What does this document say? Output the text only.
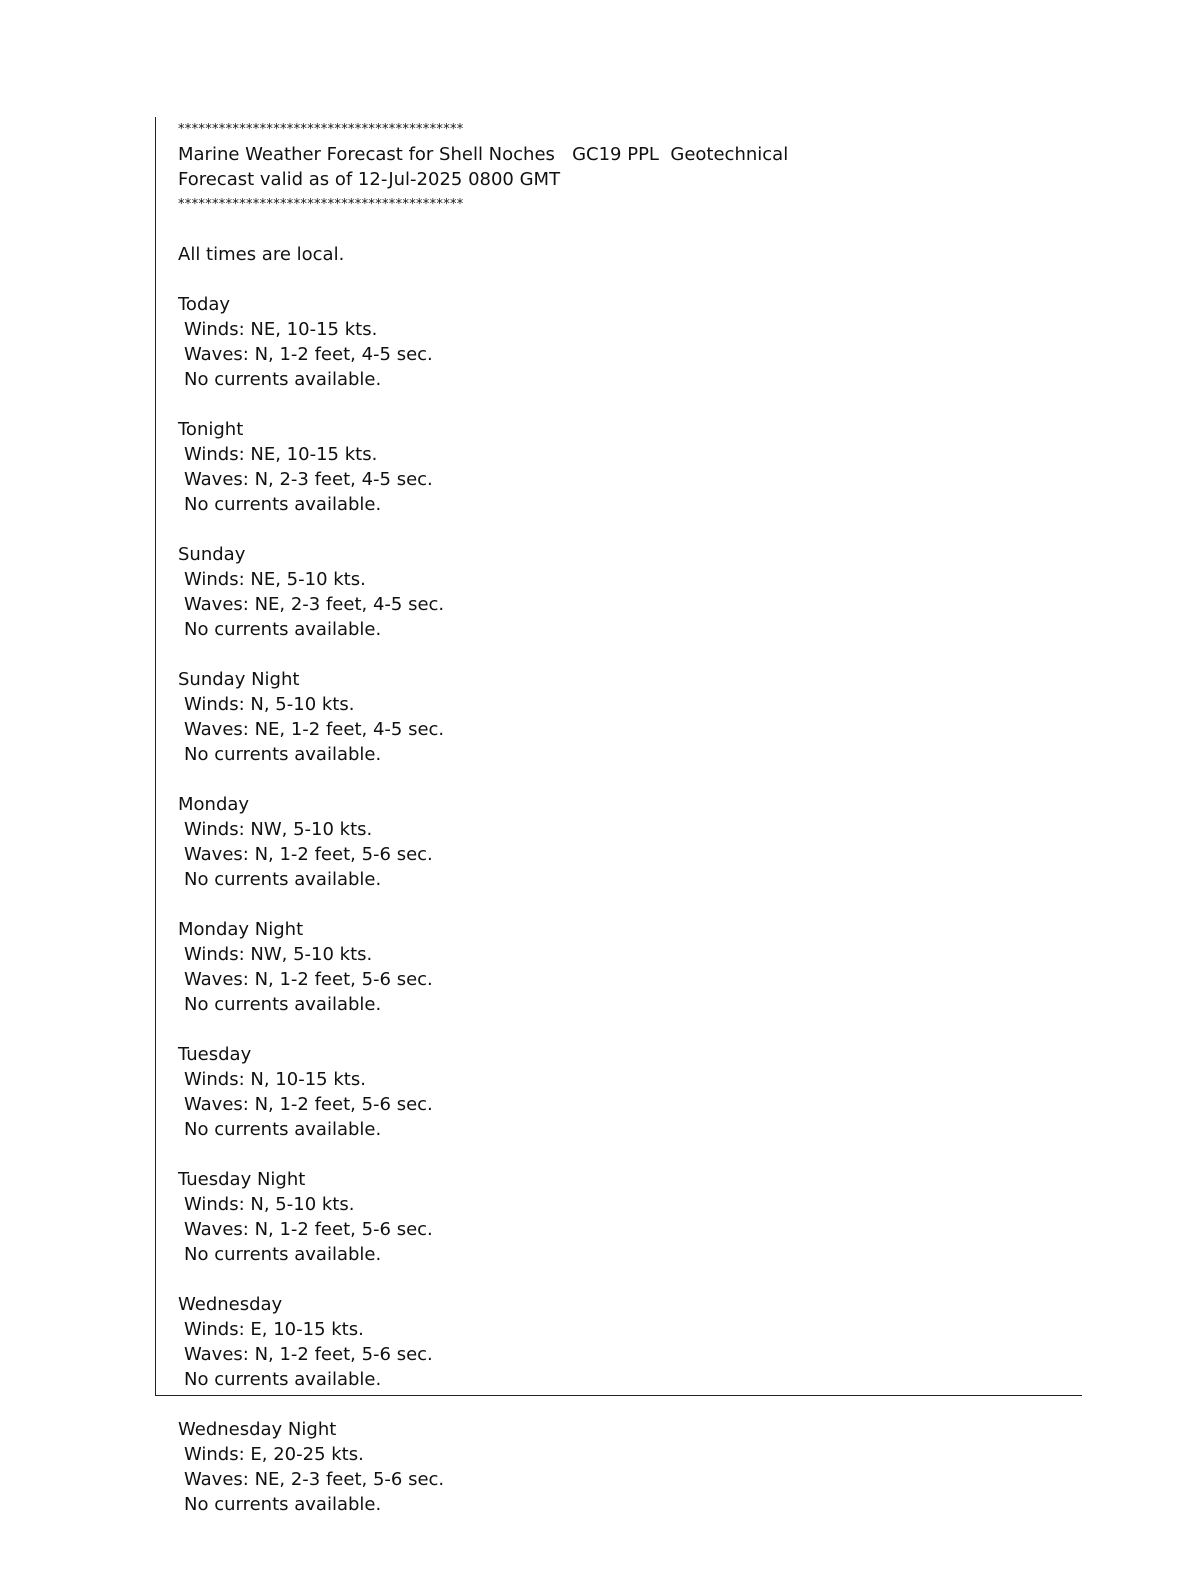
******************************************
Marine Weather Forecast for Shell Noches   GC19 PPL  Geotechnical
Forecast valid as of 12-Jul-2025 0800 GMT
******************************************
All times are local.
Today
Winds: NE, 10-15 kts.
Waves: N, 1-2 feet, 4-5 sec.
No currents available.
Tonight
Winds: NE, 10-15 kts.
Waves: N, 2-3 feet, 4-5 sec.
No currents available.
Sunday
Winds: NE, 5-10 kts.
Waves: NE, 2-3 feet, 4-5 sec.
No currents available.
Sunday Night
Winds: N, 5-10 kts.
Waves: NE, 1-2 feet, 4-5 sec.
No currents available.
Monday
Winds: NW, 5-10 kts.
Waves: N, 1-2 feet, 5-6 sec.
No currents available.
Monday Night
Winds: NW, 5-10 kts.
Waves: N, 1-2 feet, 5-6 sec.
No currents available.
Tuesday
Winds: N, 10-15 kts.
Waves: N, 1-2 feet, 5-6 sec.
No currents available.
Tuesday Night
Winds: N, 5-10 kts.
Waves: N, 1-2 feet, 5-6 sec.
No currents available.
Wednesday
Winds: E, 10-15 kts.
Waves: N, 1-2 feet, 5-6 sec.
No currents available.
Wednesday Night
Winds: E, 20-25 kts.
Waves: NE, 2-3 feet, 5-6 sec.
No currents available.
